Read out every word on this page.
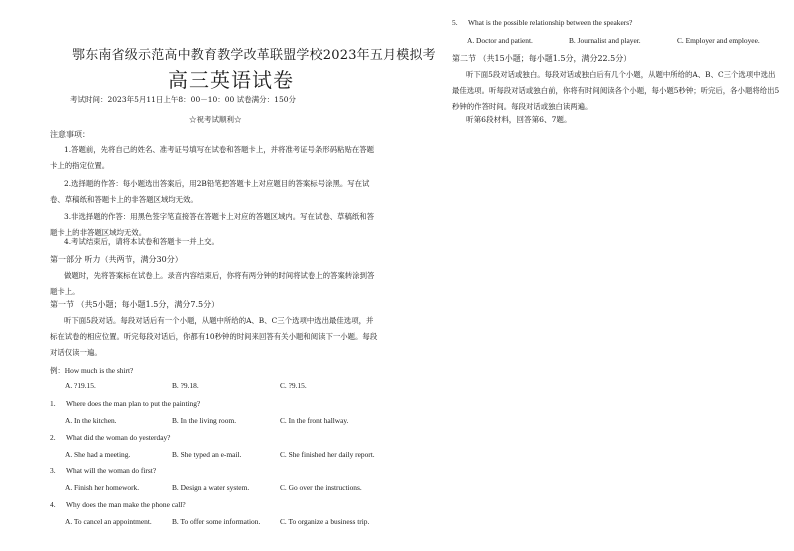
鄂东南省级示范高中教育教学改革联盟学校2023年五月模拟考
高三英语试卷
考试时间：2023年5月11日上午8：00－10：00 试卷满分：150分
☆祝考试顺利☆
注意事项：
1.答题前，先将自己的姓名、准考证号填写在试卷和答题卡上，并将准考证号条形码粘贴在答题卡上的指定位置。
2.选择题的作答：每小题选出答案后，用2B铅笔把答题卡上对应题目的答案标号涂黑。写在试卷、草稿纸和答题卡上的非答题区域均无效。
3.非选择题的作答：用黑色签字笔直接答在答题卡上对应的答题区域内。写在试卷、草稿纸和答题卡上的非答题区域均无效。
4.考试结束后，请将本试卷和答题卡一并上交。
第一部分 听力（共两节，满分30分）
做题时，先将答案标在试卷上。录音内容结束后，你将有两分钟的时间将试卷上的答案转涂到答题卡上。
第一节 （共5小题；每小题1.5分，满分7.5分）
听下面5段对话。每段对话后有一个小题，从题中所给的A、B、C三个选项中选出最佳选项，并标在试卷的相应位置。听完每段对话后，你都有10秒钟的时间来回答有关小题和阅读下一小题。每段对话仅读一遍。
例：How much is the shirt?
A. ?19.15.	B. ?9.18.	C. ?9.15.
1. Where does the man plan to put the painting?
A. In the kitchen.	B. In the living room.	C. In the front hallway.
2. What did the woman do yesterday?
A. She had a meeting.	B. She typed an e-mail.	C. She finished her daily report.
3. What will the woman do first?
A. Finish her homework.	B. Design a water system.	C. Go over the instructions.
4. Why does the man make the phone call?
A. To cancel an appointment.	B. To offer some information.	C. To organize a business trip.
5. What is the possible relationship between the speakers?
A. Doctor and patient.	B. Journalist and player.	C. Employer and employee.
第二节 （共15小题；每小题1.5分，满分22.5分）
听下面5段对话或独白。每段对话或独白后有几个小题，从题中所给的A、B、C三个选项中选出最佳选项。听每段对话或独白前，你将有时间阅读各个小题，每小题5秒钟；听完后，各小题将给出5秒钟的作答时间。每段对话或独白读两遍。
听第6段材料，回答第6、7题。
